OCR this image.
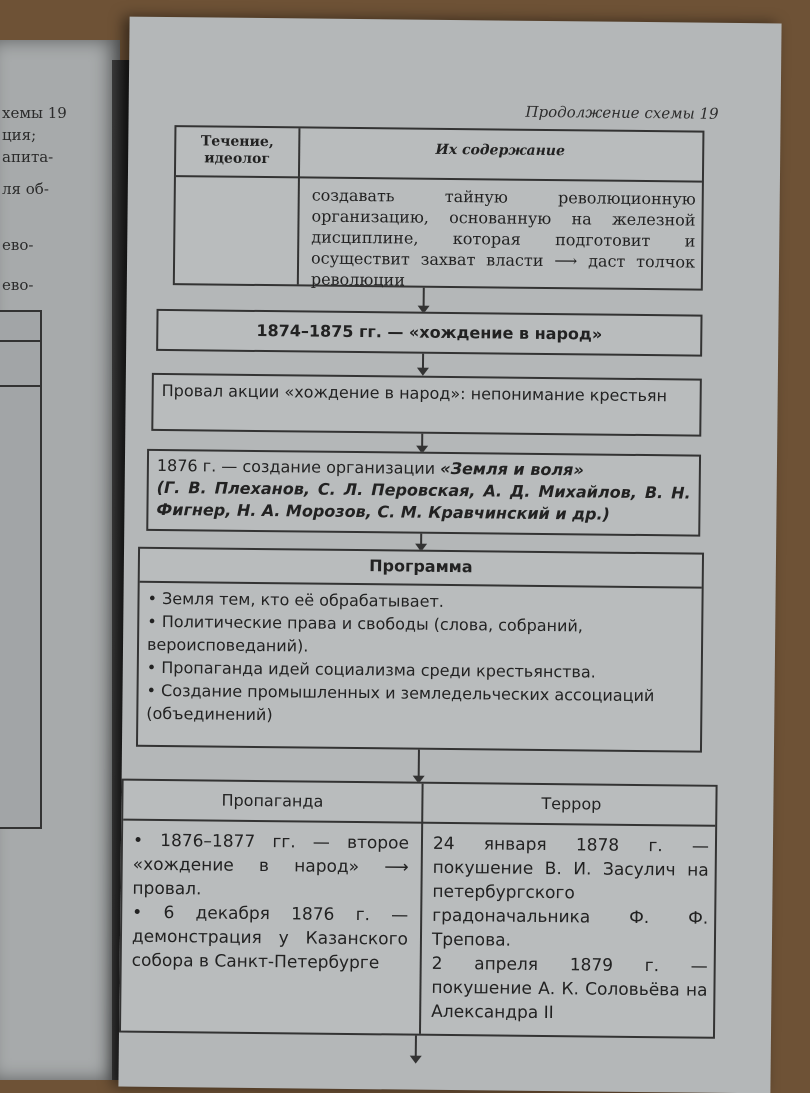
хемы 19
ция;
апита-
ля об-
ево-
ево-
Продолжение схемы 19
Течение,
идеолог	Их содержание
создавать тайную революционную организацию, основанную на железной дисциплине, которая подготовит и осуществит захват власти ⟶ даст толчок революции
1874–1875 гг. — «хождение в народ»
Провал акции «хождение в народ»: непонимание крестьян
1876 г. — создание организации «Земля и воля»
(Г. В. Плеханов, С. Л. Перовская, А. Д. Михайлов, В. Н. Фигнер, Н. А. Морозов, С. М. Кравчинский и др.)
Программа

• Земля тем, кто её обрабатывает.

• Политические права и свободы (слова, собраний, вероисповеданий).

• Пропаганда идей социализма среди крестьянства.

• Создание промышленных и земледельческих ассоциаций (объединений)

Пропаганда	Террор

• 1876–1877 гг. — второе «хождение в народ» ⟶ провал.

• 6 декабря 1876 г. — демонстрация у Казанского собора в Санкт-Петербурге

24 января 1878 г. — покушение В. И. Засулич на петербургского градоначальника Ф. Ф. Трепова.

2 апреля 1879 г. — покушение А. К. Соловьёва на Александра II
